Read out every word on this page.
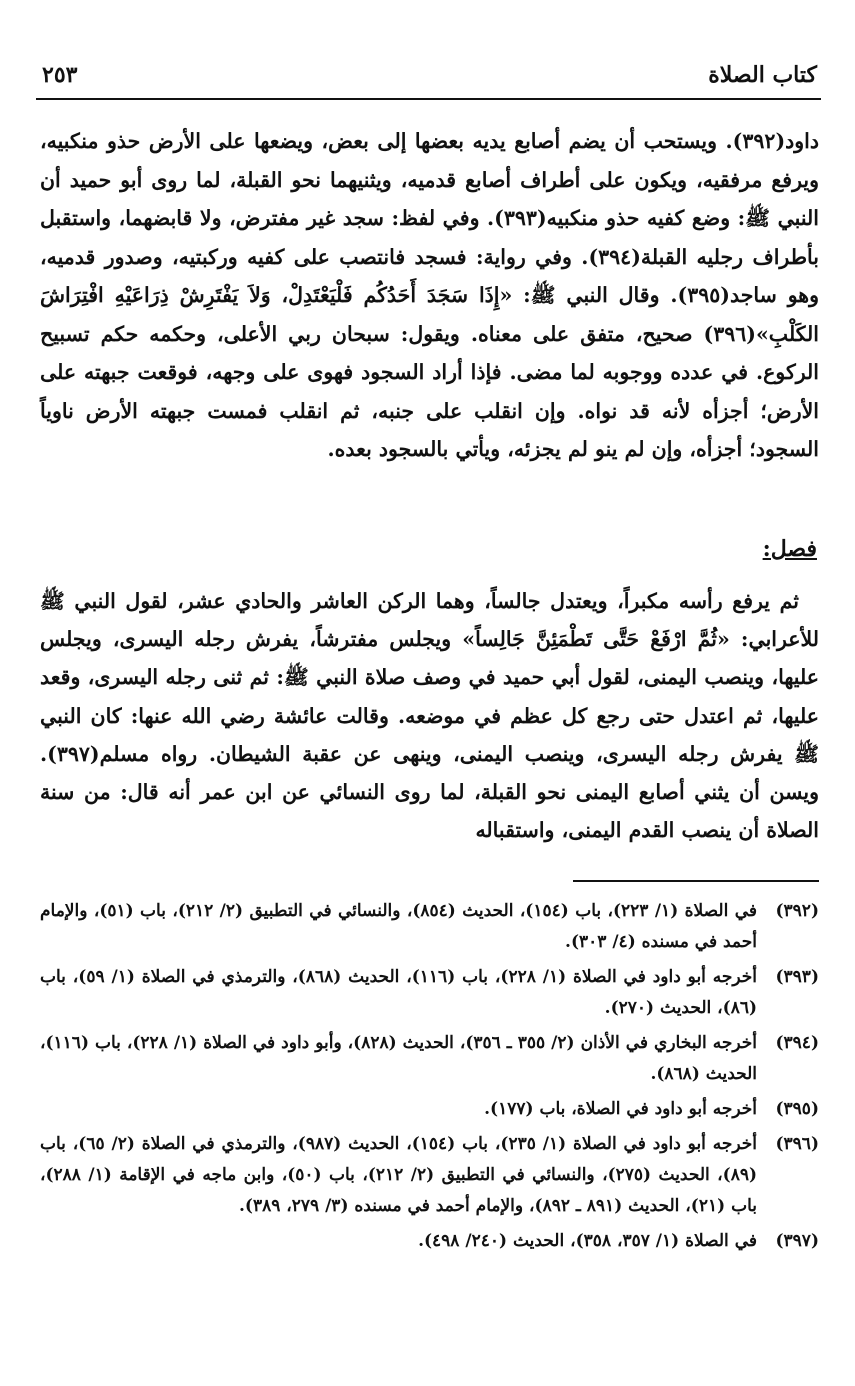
كتاب الصلاة
٢٥٣

داود(٣٩٢). ويستحب أن يضم أصابع يديه بعضها إلى بعض، ويضعها على الأرض حذو منكبيه، ويرفع مرفقيه، ويكون على أطراف أصابع قدميه، ويثنيهما نحو القبلة، لما روى أبو حميد أن النبي ﷺ: وضع كفيه حذو منكبيه(٣٩٣). وفي لفظ: سجد غير مفترض، ولا قابضهما، واستقبل بأطراف رجليه القبلة(٣٩٤). وفي رواية: فسجد فانتصب على كفيه وركبتيه، وصدور قدميه، وهو ساجد(٣٩٥). وقال النبي ﷺ: «إِذَا سَجَدَ أَحَدُكُم فَلْيَعْتَدِلْ، وَلاَ يَفْتَرِشْ ذِرَاعَيْهِ افْتِرَاشَ الكَلْبِ»(٣٩٦) صحيح، متفق على معناه. ويقول: سبحان ربي الأعلى، وحكمه حكم تسبيح الركوع. في عدده ووجوبه لما مضى. فإذا أراد السجود فهوى على وجهه، فوقعت جبهته على الأرض؛ أجزأه لأنه قد نواه. وإن انقلب على جنبه، ثم انقلب فمست جبهته الأرض ناوياً السجود؛ أجزأه، وإن لم ينو لم يجزئه، ويأتي بالسجود بعده.

فصل:

ثم يرفع رأسه مكبراً، ويعتدل جالساً، وهما الركن العاشر والحادي عشر، لقول النبي ﷺ للأعرابي: «ثُمَّ ارْفَعْ حَتَّى تَطْمَئِنَّ جَالِساً» ويجلس مفترشاً، يفرش رجله اليسرى، ويجلس عليها، وينصب اليمنى، لقول أبي حميد في وصف صلاة النبي ﷺ: ثم ثنى رجله اليسرى، وقعد عليها، ثم اعتدل حتى رجع كل عظم في موضعه. وقالت عائشة رضي الله عنها: كان النبي ﷺ يفرش رجله اليسرى، وينصب اليمنى، وينهى عن عقبة الشيطان. رواه مسلم(٣٩٧). ويسن أن يثني أصابع اليمنى نحو القبلة، لما روى النسائي عن ابن عمر أنه قال: من سنة الصلاة أن ينصب القدم اليمنى، واستقباله

(٣٩٢)
في الصلاة (١/ ٢٢٣)، باب (١٥٤)، الحديث (٨٥٤)، والنسائي في التطبيق (٢/ ٢١٢)، باب (٥١)، والإمام أحمد في مسنده (٤/ ٣٠٣).
(٣٩٣)
أخرجه أبو داود في الصلاة (١/ ٢٢٨)، باب (١١٦)، الحديث (٨٦٨)، والترمذي في الصلاة (١/ ٥٩)، باب (٨٦)، الحديث (٢٧٠).
(٣٩٤)
أخرجه البخاري في الأذان (٢/ ٣٥٥ ـ ٣٥٦)، الحديث (٨٢٨)، وأبو داود في الصلاة (١/ ٢٢٨)، باب (١١٦)، الحديث (٨٦٨).
(٣٩٥)
أخرجه أبو داود في الصلاة، باب (١٧٧).
(٣٩٦)
أخرجه أبو داود في الصلاة (١/ ٢٣٥)، باب (١٥٤)، الحديث (٩٨٧)، والترمذي في الصلاة (٢/ ٦٥)، باب (٨٩)، الحديث (٢٧٥)، والنسائي في التطبيق (٢/ ٢١٢)، باب (٥٠)، وابن ماجه في الإقامة (١/ ٢٨٨)، باب (٢١)، الحديث (٨٩١ ـ ٨٩٢)، والإمام أحمد في مسنده (٣/ ٢٧٩، ٣٨٩).
(٣٩٧)
في الصلاة (١/ ٣٥٧، ٣٥٨)، الحديث (٢٤٠/ ٤٩٨).
